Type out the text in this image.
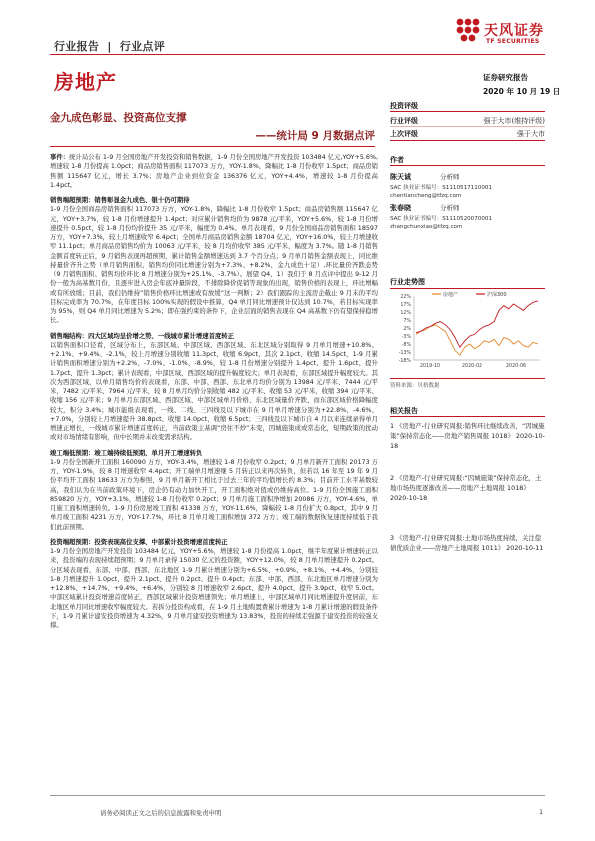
行业报告 | 行业点评
天风证券
TF SECURITIES
房地产	证券研究报告
2020 年 10 月 19 日
金九成色彰显、投资高位支撑
——统计局 9 月数据点评

事件：统计局公布 1-9 月全国房地产开发投资和销售数据，1-9 月份全国房地产开发投资 103484 亿元,YOY+5.6%,增速较 1-8 月份提高 1.0pct；商品房销售面积 117073 万方，YOY-1.8%，降幅比 1-8 月份收窄 1.5pct；商品房销售额 115647 亿元，增长 3.7%；房地产企业到位资金 136376 亿元，YOY+4.4%，增速较 1-8 月份提高 1.4pct。

销售端超预期：销售彰显金九成色、银十仍可期待

1-9 月份全国商品房销售面积 117073 万方，YOY-1.8%，降幅比 1-8 月份收窄 1.5pct；商品房销售额 115647 亿元，YOY+3.7%，较 1-8 月份增速提升 1.4pct；对应累计销售均价为 9878 元/平米，YOY+5.6%，较 1-8 月份增速提升 0.5pct，较 1-8 月份均价提升 35 元/平米，幅度为 0.4%。单月表现看，9 月份全国商品房销售面积 18597 万方，YOY+7.3%，较上月增速收窄 6.4pct；全国单月商品房销售金额 18704 亿元，YOY+16.0%，较上月增速收窄 11.1pct；单月商品房销售均价为 10063 元/平米，较 8 月均价收窄 385 元/平米，幅度为 3.7%。随 1-8 月销售金额首度转正后，9 月销售表现再超预期，累计销售金额增速达到 3.7 个百分点；9 月单月销售金额表现上，同比维持量价齐升之势（单月销售面积、销售均价同比增速分别为+7.3%、+8.2%，金九成色十足）,环比量价齐跌态势（9 月销售面积、销售均价环比 8 月增速分别为+25.1%、-3.7%）。展望 Q4，1）我们于 8 月点评中提出 9-12 月份一般为高基数月份，且逐步进入房企年底冲量阶段，不排除降价促销等现象的出现，销售价格的表现上，环比增幅或有所放缓；目前，我们仍维持“销售价格环比增速或有放缓”这一判断；2）我们跟踪的主流房企截止 9 月末的平均目标完成率为 70.7%，在年度目标 100%实现的假设中推算，Q4 单月同比增速预计仅达到 10.7%，若目标实现率为 95%，则 Q4 单月同比增速为 5.2%；即在强约束的条件下，企业层面的销售表现在 Q4 高基数下仍有望保持稳增长。

销售端结构：四大区域均呈价增之势、一线城市累计增速首度转正

以销售面积口径看，区域分布上，东部区域、中部区域、西部区域、东北区域分别取得 9 月单月增速+10.8%、+2.1%、+9.4%、-2.1%，较上月增速分别收缩 11.3pct、收缩 6.9pct，其次 2.1pct、收缩 14.5pct，1-9 月累计销售面积增速分别为+2.2%、-7.0%、-1.0%、-8.9%，较 1-8 月份增速分别提升 1.4pct、提升 1.6pct、提升 1.7pct、提升 1.3pct；累计表现看，中部区域、西部区域的提升幅度较大；单月表现看，东部区域提升幅度较大。其次为西部区域，以单月销售均价的表现看，东部、中部、西部、东北单月均价分别为 13984 元/平米、7444 元/平米、7482 元/平米、7964 元/平米，较 8 月单月均价分别收缩 482 元/平米、收缩 53 元/平米、收缩 394 元/平米、收缩 156 元/平米；9 月单月东部区域、西部区域、中部区域单月价格、东北区域量价齐跌，而东部区域价格降幅度较大，积分 3.4%；城市能级表现看，一线、二线、三四线及以下城市在 9 月单月增速分别为+22.8%、-4.6%、+7.0%，分别较上月增速提升 38.8pct、收缩 14.0pct、收缩 6.5pct；三四线及以下城市自 4 月以来连续录得单月增速正增长，一线城市累计增速首度转正，当前政策主基调“房住不炒”未变，因城施策成或常态化，短期政策的扰动或对市场情绪有影响，但中长期并未改变需求结构。

竣工端低预期：竣工端持续低预期、单月开工增速转负

1-9 月份全国新开工面积 160090 万方，YOY-3.4%，增速较 1-8 月份收窄 0.2pct；9 月单月新开工面积 20173 万方，YOY-1.9%，较 8 月增速收窄 4.4pct；开工端单月增速继 5 月转正以来再次转负，但若以 16 年至 19 年 9 月份平均开工面积 18633 万方为参照，9 月单月新开工相比于过去三年的平均值增长约 8.3%；目前开工水平基数较高，我们认为在当前政策环境下，房企仍有动力加快开工，开工面积绝对值或仍维持高位。1-9 月份全国施工面积 859820 万方，YOY+3.1%，增速较 1-8 月份收窄 0.2pct；9 月单月施工面积净增加 20086 万方，YOY-4.6%，单月施工面积增速转负。1-9 月份房屋竣工面积 41338 万方，YOY-11.6%，降幅较 1-8 月份扩大 0.8pct，其中 9 月单月竣工面积 4231 万方，YOY-17.7%，环比 8 月单月竣工面积增加 372 万方；竣工端的数据恢复速度持续低于我们此前预期。

投资端超预期：投资表现高位支撑、中部累计投资增速首度转正

1-9 月份全国房地产开发投资 103484 亿元，YOY+5.6%，增速较 1-8 月份提高 1.0pct，继半年度累计增速转正以来，投资端的表现持续超预期；9 月单月录得 15030 亿元的投资额，YOY+12.0%，较 8 月单月增速提升 0.2pct。分区域表现看，东部、中部、西部、东北地区 1-9 月累计增速分别为+6.5%、+0.9%、+8.1%、+4.4%，分别较 1-8 月增速提升 1.0pct、提升 2.1pct、提升 0.2pct、提升 0.4pct；东部、中部、西部、东北地区单月增速分别为+12.8%、+14.7%、+9.4%、+6.4%，分别较 8 月增速收窄 2.6pct、提升 4.0pct、提升 3.9pct、收窄 5.0ct。中部区域累计投资增速首度转正，西部区域累计投资增速领先；单月增速上，中部区域单月同比增速提升度居前，东北地区单月同比增速收窄幅度较大。若拆分投资构成看，在 1-9 月土地购置费累计增速为 1-8 月累计增速的假设条件下，1-9 月累计建安投资增速为 4.32%，9 月单月建安投资增速为 13.83%，投资的持续走强源于建安投资的较强支撑。

投资评级
行业评级	强于大市(维持评级)
上次评级	强于大市
作者
陈天诚	分析师
SAC 执业证书编号：S1110517110001
chentiancheng@tfzq.com
张春晓	分析师
SAC 执业证书编号：S1110520070001
zhangchunxiao@tfzq.com
行业走势图
22%
17%
12%
7%
2%
-3%
-8%
-13%
-18%
2019-10	2020-02	2020-06
房地产	沪深300
资料来源：贝格数据
相关报告
1 《房地产-行业研究周报:销售环比继续改善，“因城施策”保持常态化——房地产销售周报 1018》 2020-10-18
2 《房地产-行业研究周报:“因城施策”保持常态化，土地市场热度逐渐改善——房地产土地周报 1018》 2020-10-18
3 《房地产-行业研究周报:土地市场热度持续，关注偿债优质企业——房地产土地周报 1011》 2020-10-11
请务必阅读正文之后的信息披露和免责申明	1
